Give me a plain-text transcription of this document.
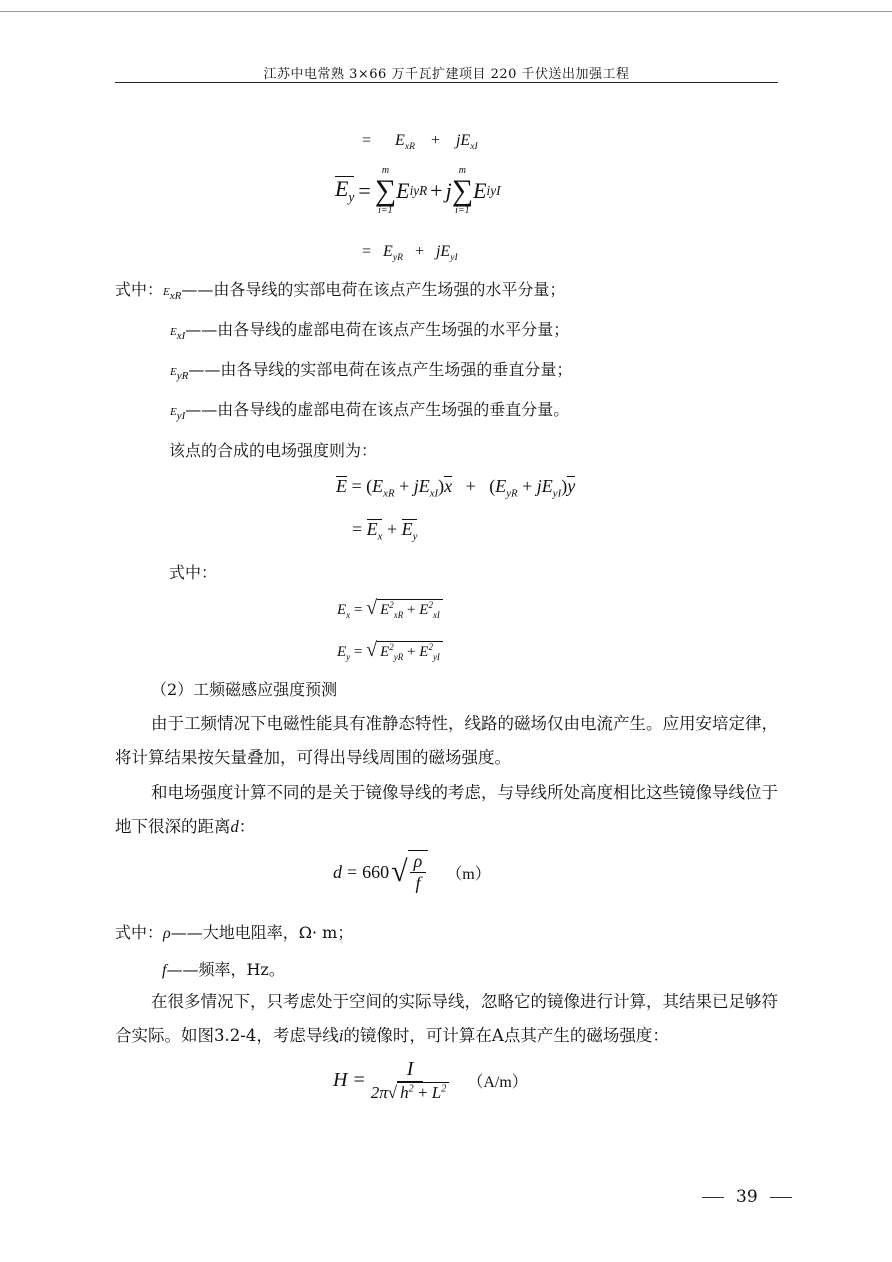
江苏中电常熟 3×66 万千瓦扩建项目 220 千伏送出加强工程
= $E_{xR} + jE_{xI}$
$E_y$ =
m
∑
i=1
E iyR + j
m
∑
i=1
E iyI
= $E_{yR} + jE_{yI}$
式中：$E_{xR}——$由各导线的实部电荷在该点产生场强的水平分量；
$E_{xI}——$由各导线的虚部电荷在该点产生场强的水平分量；
$E_{yR}——$由各导线的实部电荷在该点产生场强的垂直分量；
$E_{yI}——$由各导线的虚部电荷在该点产生场强的垂直分量。
该点的合成的电场强度则为：
$E = (E_{xR} + jE_{xI})x + (E_{yR} + jE_{yI})y$
= $E_x + E_y$
式中：
$E_x$ = √ $E^2_{xR} + E^2_{xI}$
$E_y$ = √ $E^2_{yR} + E^2_{yI}$
（2）工频磁感应强度预测
由于工频情况下电磁性能具有准静态特性，线路的磁场仅由电流产生。应用安培定律，将计算结果按矢量叠加，可得出导线周围的磁场强度。
和电场强度计算不同的是关于镜像导线的考虑，与导线所处高度相比这些镜像导线位于地下很深的距离d：
d = 660 √ $\frac{\rho}{f} (m)$
式中：ρ——大地电阻率，Ω· m；
f——频率，Hz。
在很多情况下，只考虑处于空间的实际导线，忽略它的镜像进行计算，其结果已足够符合实际。如图3.2-4，考虑导线i的镜像时，可计算在A点其产生的磁场强度：
$H = \frac{I}{2\pi√ h^2 + L^2} (A/m)$
39
